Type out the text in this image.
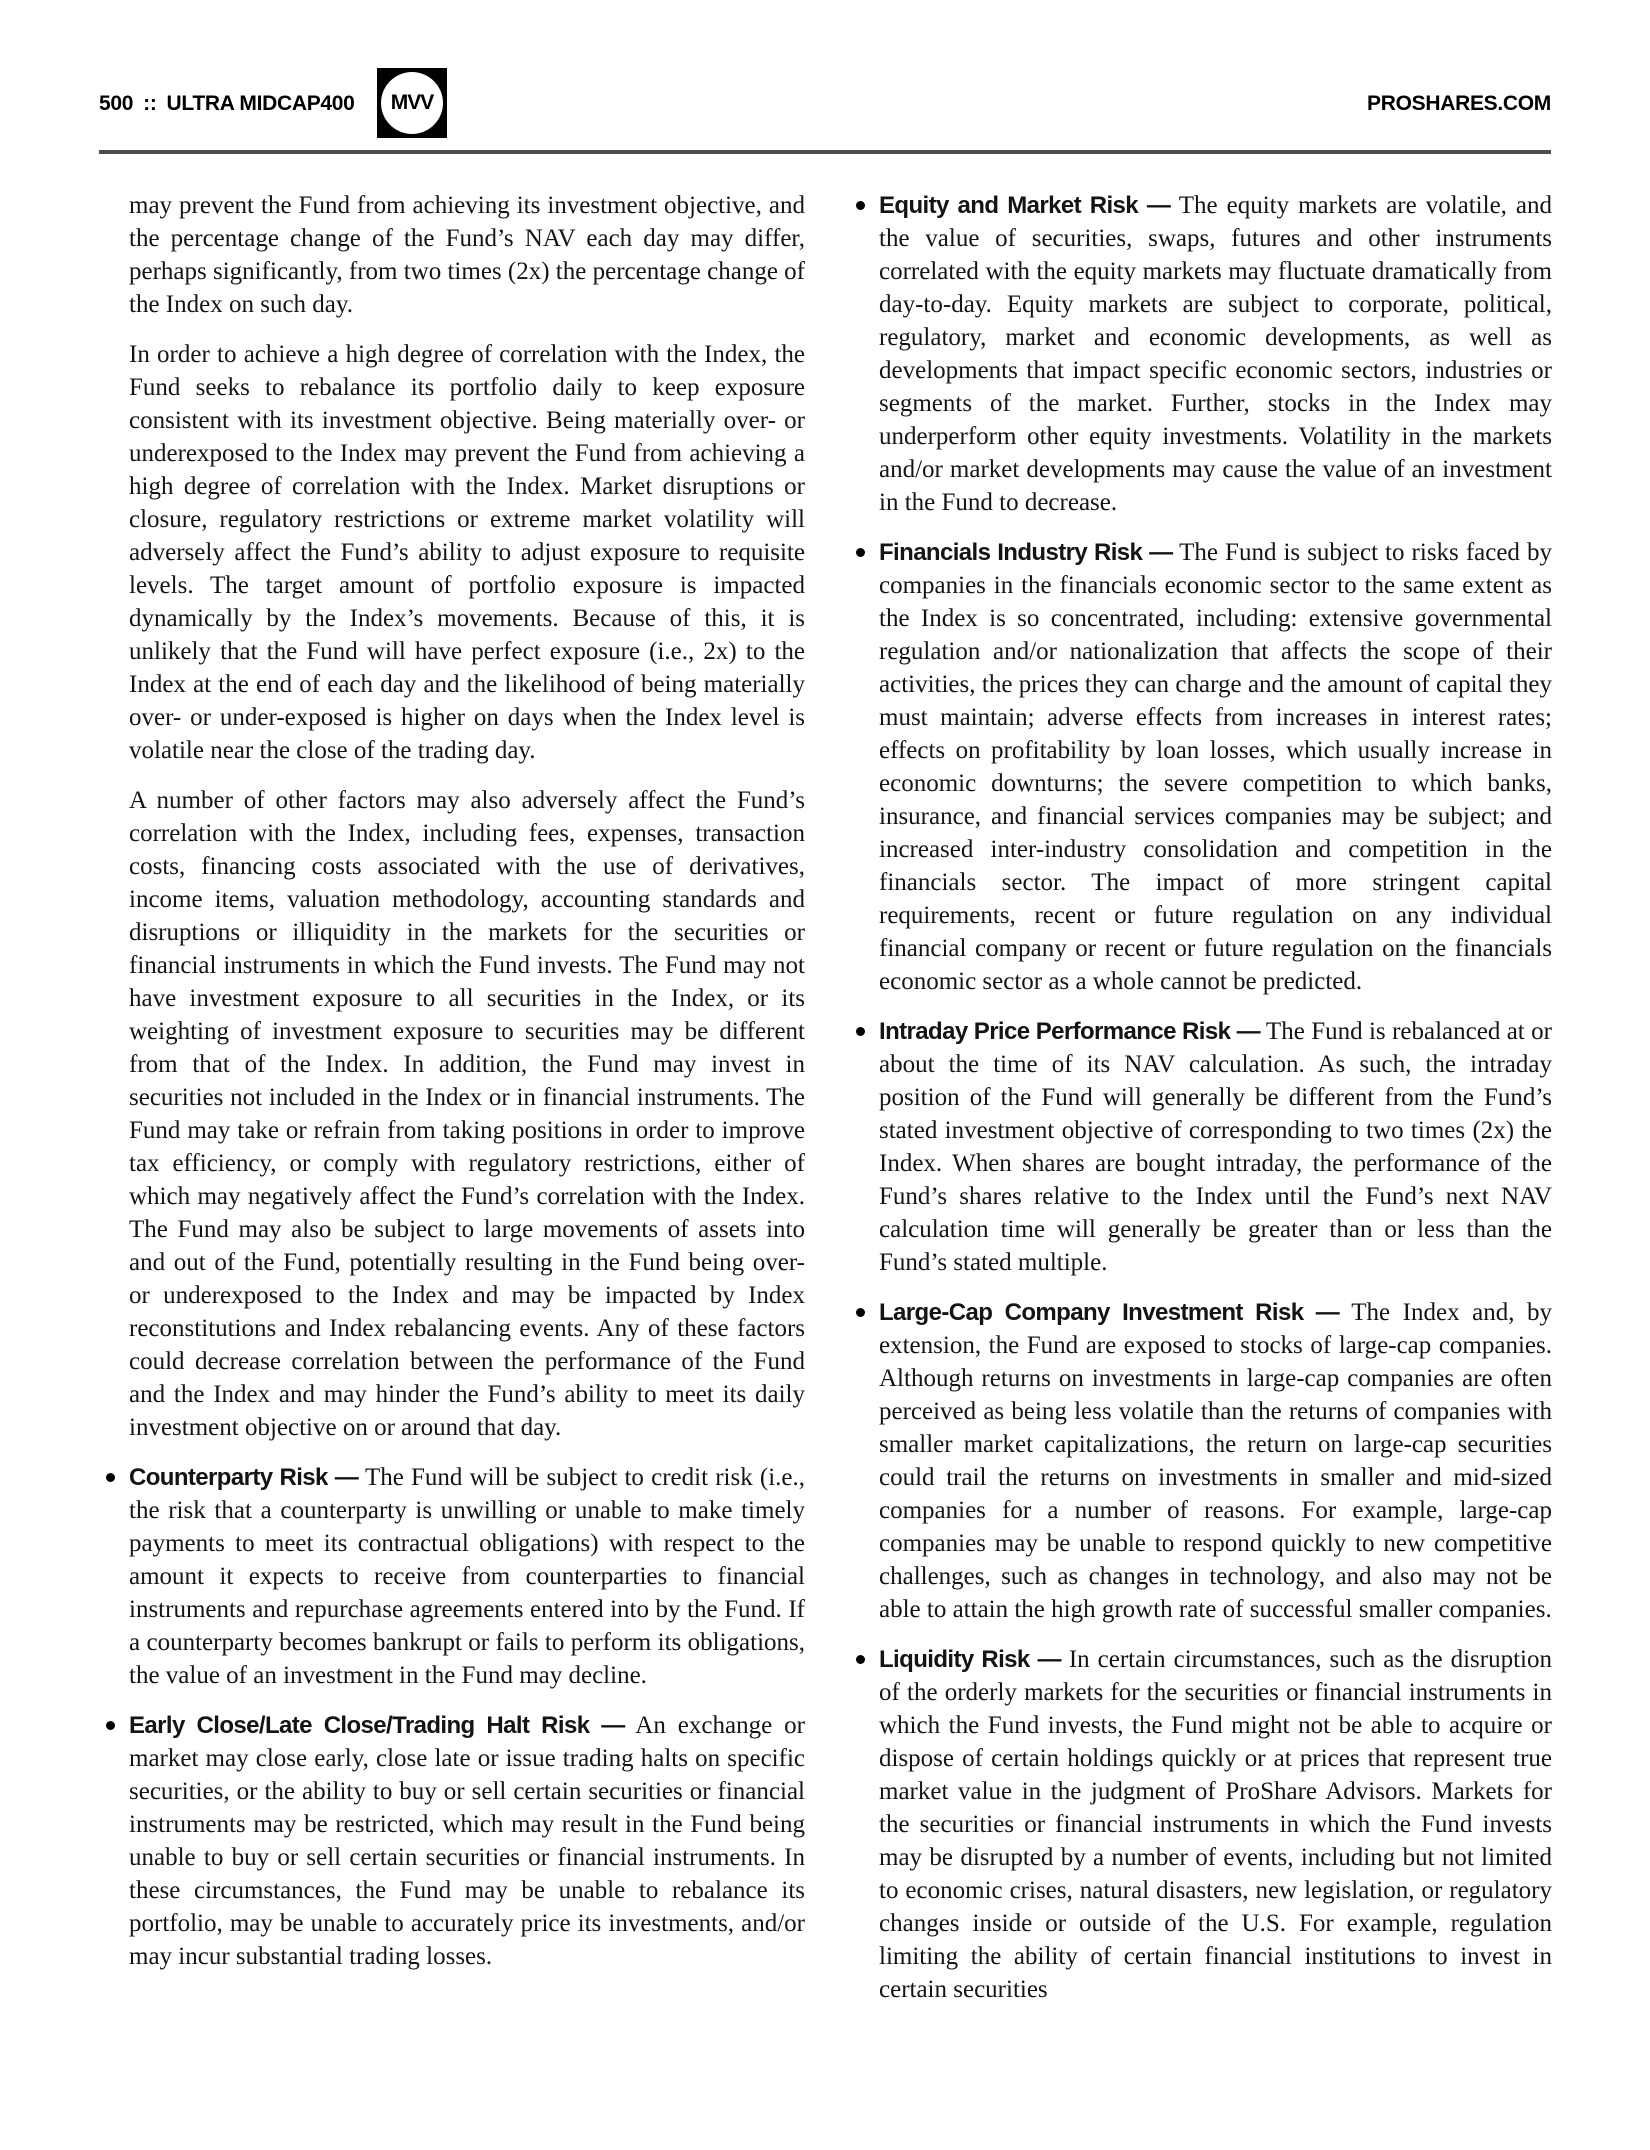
500 :: ULTRA MIDCAP400 MVV	PROSHARES.COM

may prevent the Fund from achieving its investment objective, and the percentage change of the Fund’s NAV each day may differ, perhaps significantly, from two times (2x) the percentage change of the Index on such day.

In order to achieve a high degree of correlation with the Index, the Fund seeks to rebalance its portfolio daily to keep exposure consistent with its investment objective. Being materially over- or underexposed to the Index may prevent the Fund from achieving a high degree of correlation with the Index. Market disruptions or closure, regulatory restrictions or extreme market volatility will adversely affect the Fund’s ability to adjust exposure to requisite levels. The target amount of portfolio exposure is impacted dynamically by the Index’s movements. Because of this, it is unlikely that the Fund will have perfect exposure (i.e., 2x) to the Index at the end of each day and the likelihood of being materially over- or under-exposed is higher on days when the Index level is volatile near the close of the trading day.

A number of other factors may also adversely affect the Fund’s correlation with the Index, including fees, expenses, transaction costs, financing costs associated with the use of derivatives, income items, valuation methodology, accounting standards and disruptions or illiquidity in the markets for the securities or financial instruments in which the Fund invests. The Fund may not have investment exposure to all securities in the Index, or its weighting of investment exposure to securities may be different from that of the Index. In addition, the Fund may invest in securities not included in the Index or in financial instruments. The Fund may take or refrain from taking positions in order to improve tax efficiency, or comply with regulatory restrictions, either of which may negatively affect the Fund’s correlation with the Index. The Fund may also be subject to large movements of assets into and out of the Fund, potentially resulting in the Fund being over- or underexposed to the Index and may be impacted by Index reconstitutions and Index rebalancing events. Any of these factors could decrease correlation between the performance of the Fund and the Index and may hinder the Fund’s ability to meet its daily investment objective on or around that day.

Counterparty Risk — The Fund will be subject to credit risk (i.e., the risk that a counterparty is unwilling or unable to make timely payments to meet its contractual obligations) with respect to the amount it expects to receive from counterparties to financial instruments and repurchase agreements entered into by the Fund. If a counterparty becomes bankrupt or fails to perform its obligations, the value of an investment in the Fund may decline.
Early Close/Late Close/Trading Halt Risk — An exchange or market may close early, close late or issue trading halts on specific securities, or the ability to buy or sell certain securities or financial instruments may be restricted, which may result in the Fund being unable to buy or sell certain securities or financial instruments. In these circumstances, the Fund may be unable to rebalance its portfolio, may be unable to accurately price its investments, and/or may incur substantial trading losses.
Equity and Market Risk — The equity markets are volatile, and the value of securities, swaps, futures and other instruments correlated with the equity markets may fluctuate dramatically from day-to-day. Equity markets are subject to corporate, political, regulatory, market and economic developments, as well as developments that impact specific economic sectors, industries or segments of the market. Further, stocks in the Index may underperform other equity investments. Volatility in the markets and/or market developments may cause the value of an investment in the Fund to decrease.
Financials Industry Risk — The Fund is subject to risks faced by companies in the financials economic sector to the same extent as the Index is so concentrated, including: extensive governmental regulation and/or nationalization that affects the scope of their activities, the prices they can charge and the amount of capital they must maintain; adverse effects from increases in interest rates; effects on profitability by loan losses, which usually increase in economic downturns; the severe competition to which banks, insurance, and financial services companies may be subject; and increased inter-industry consolidation and competition in the financials sector. The impact of more stringent capital requirements, recent or future regulation on any individual financial company or recent or future regulation on the financials economic sector as a whole cannot be predicted.
Intraday Price Performance Risk — The Fund is rebalanced at or about the time of its NAV calculation. As such, the intraday position of the Fund will generally be different from the Fund’s stated investment objective of corresponding to two times (2x) the Index. When shares are bought intraday, the performance of the Fund’s shares relative to the Index until the Fund’s next NAV calculation time will generally be greater than or less than the Fund’s stated multiple.
Large-Cap Company Investment Risk — The Index and, by extension, the Fund are exposed to stocks of large-cap companies. Although returns on investments in large-cap companies are often perceived as being less volatile than the returns of companies with smaller market capitalizations, the return on large-cap securities could trail the returns on investments in smaller and mid-sized companies for a number of reasons. For example, large-cap companies may be unable to respond quickly to new competitive challenges, such as changes in technology, and also may not be able to attain the high growth rate of successful smaller companies.
Liquidity Risk — In certain circumstances, such as the disruption of the orderly markets for the securities or financial instruments in which the Fund invests, the Fund might not be able to acquire or dispose of certain holdings quickly or at prices that represent true market value in the judgment of ProShare Advisors. Markets for the securities or financial instruments in which the Fund invests may be disrupted by a number of events, including but not limited to economic crises, natural disasters, new legislation, or regulatory changes inside or outside of the U.S. For example, regulation limiting the ability of certain financial institutions to invest in certain securities
